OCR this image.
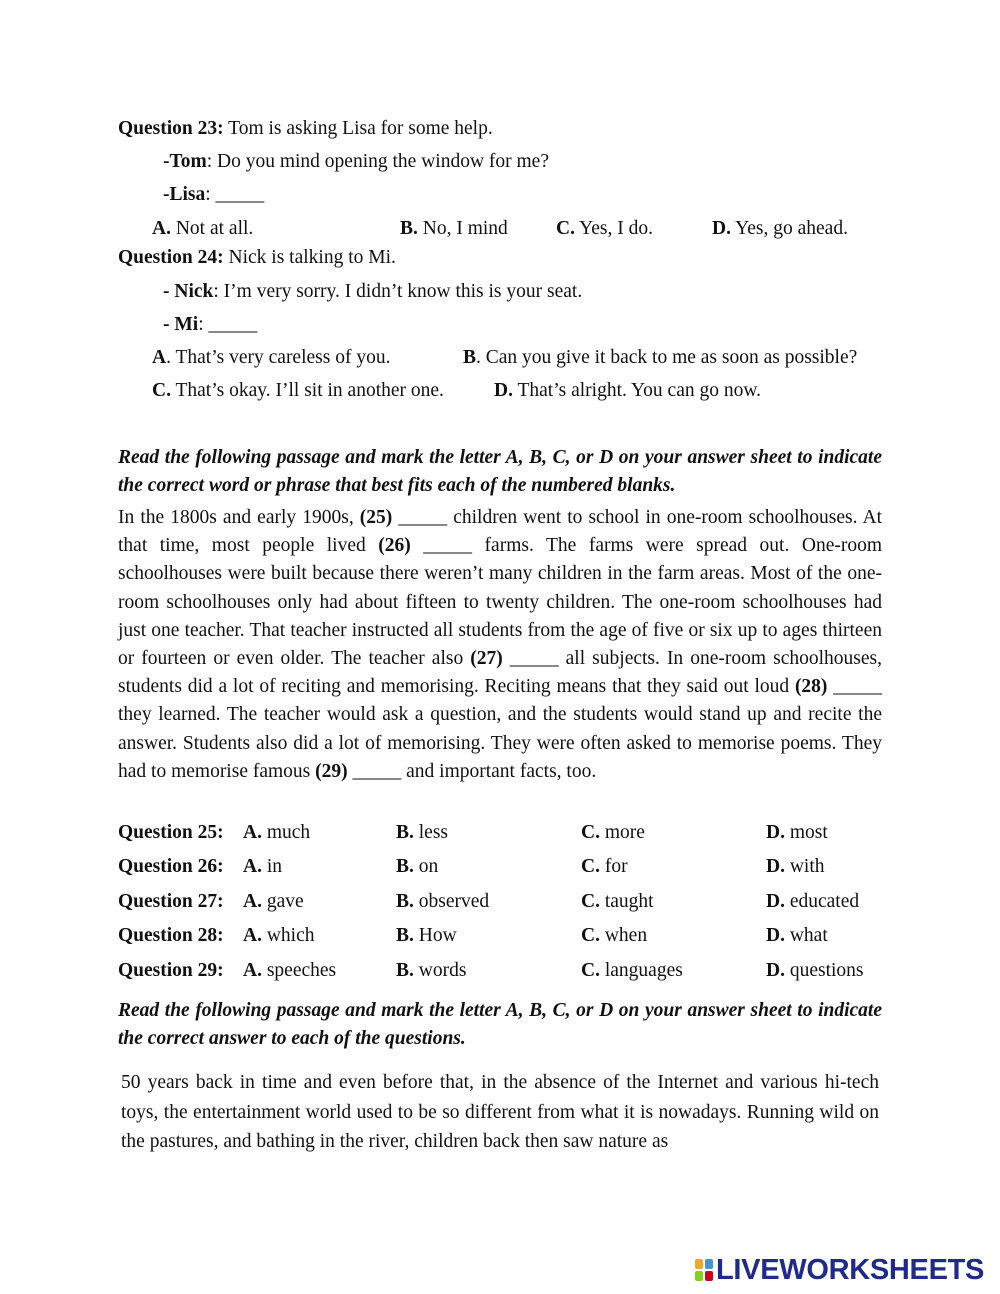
Question 23: Tom is asking Lisa for some help.
-Tom: Do you mind opening the window for me?
-Lisa: _____
A. Not at all.	B. No, I mind C. Yes, I do.	D. Yes, go ahead.
Question 24: Nick is talking to Mi.
- Nick: I’m very sorry. I didn’t know this is your seat.
- Mi: _____
A. That’s very careless of you.	B. Can you give it back to me as soon as possible?
C. That’s okay. I’ll sit in another one.	D. That’s alright. You can go now.
Read the following passage and mark the letter A, B, C, or D on your answer sheet to indicate the correct word or phrase that best fits each of the numbered blanks.
In the 1800s and early 1900s, (25) _____ children went to school in one-room schoolhouses. At that time, most people lived (26) _____ farms. The farms were spread out. One-room schoolhouses were built because there weren’t many children in the farm areas. Most of the one-room schoolhouses only had about fifteen to twenty children. The one-room schoolhouses had just one teacher. That teacher instructed all students from the age of five or six up to ages thirteen or fourteen or even older. The teacher also (27) _____ all subjects. In one-room schoolhouses, students did a lot of reciting and memorising. Reciting means that they said out loud (28) _____ they learned. The teacher would ask a question, and the students would stand up and recite the answer. Students also did a lot of memorising. They were often asked to memorise poems. They had to memorise famous (29) _____ and important facts, too.
Question 25: A. much	B. less	C. more	D. most
Question 26: A. in	B. on	C. for	D. with
Question 27: A. gave	B. observed	C. taught	D. educated
Question 28: A. which	B. How	C. when	D. what
Question 29: A. speeches	B. words	C. languages	D. questions
Read the following passage and mark the letter A, B, C, or D on your answer sheet to indicate the correct answer to each of the questions.
50 years back in time and even before that, in the absence of the Internet and various hi-tech toys, the entertainment world used to be so different from what it is nowadays. Running wild on the pastures, and bathing in the river, children back then saw nature as
LIVEWORKSHEETS
